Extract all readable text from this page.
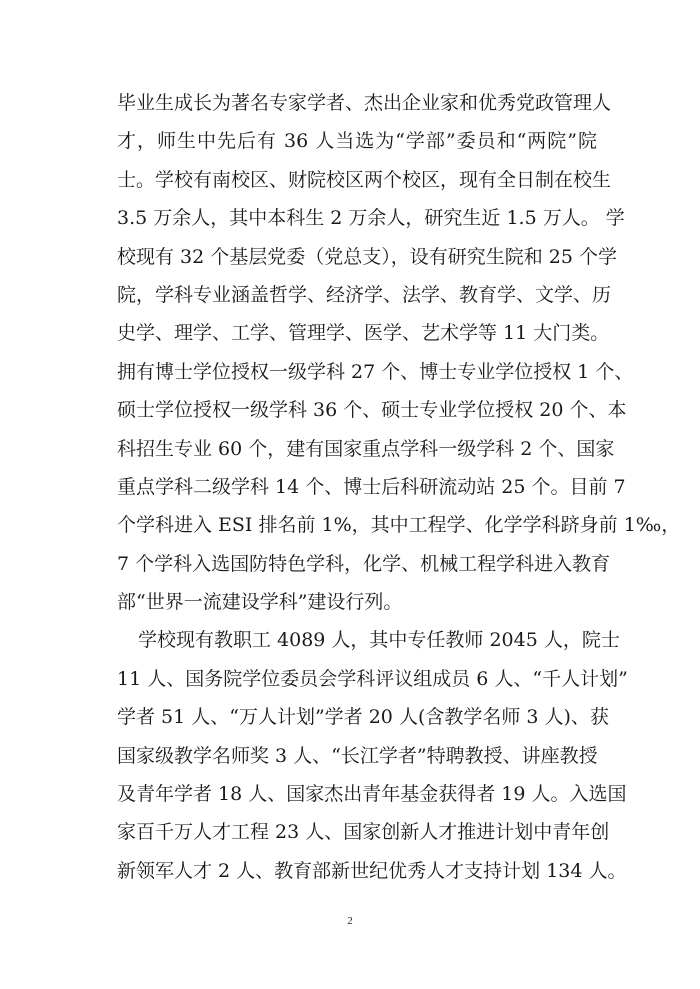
毕业生成长为著名专家学者、杰出企业家和优秀党政管理人
才，师生中先后有 36 人当选为“学部”委员和“两院”院
士。学校有南校区、财院校区两个校区，现有全日制在校生
3.5 万余人，其中本科生 2 万余人，研究生近 1.5 万人。 学
校现有 32 个基层党委（党总支），设有研究生院和 25 个学
院，学科专业涵盖哲学、经济学、法学、教育学、文学、历
史学、理学、工学、管理学、医学、艺术学等 11 大门类。
拥有博士学位授权一级学科 27 个、博士专业学位授权 1 个、
硕士学位授权一级学科 36 个、硕士专业学位授权 20 个、本
科招生专业 60 个，建有国家重点学科一级学科 2 个、国家
重点学科二级学科 14 个、博士后科研流动站 25 个。目前 7
个学科进入 ESI 排名前 1%，其中工程学、化学学科跻身前 1‰，
7 个学科入选国防特色学科，化学、机械工程学科进入教育
部“世界一流建设学科”建设行列。
学校现有教职工 4089 人，其中专任教师 2045 人，院士
11 人、国务院学位委员会学科评议组成员 6 人、“千人计划”
学者 51 人、“万人计划”学者 20 人(含教学名师 3 人)、获
国家级教学名师奖 3 人、“长江学者”特聘教授、讲座教授
及青年学者 18 人、国家杰出青年基金获得者 19 人。入选国
家百千万人才工程 23 人、国家创新人才推进计划中青年创
新领军人才 2 人、教育部新世纪优秀人才支持计划 134 人。
2
